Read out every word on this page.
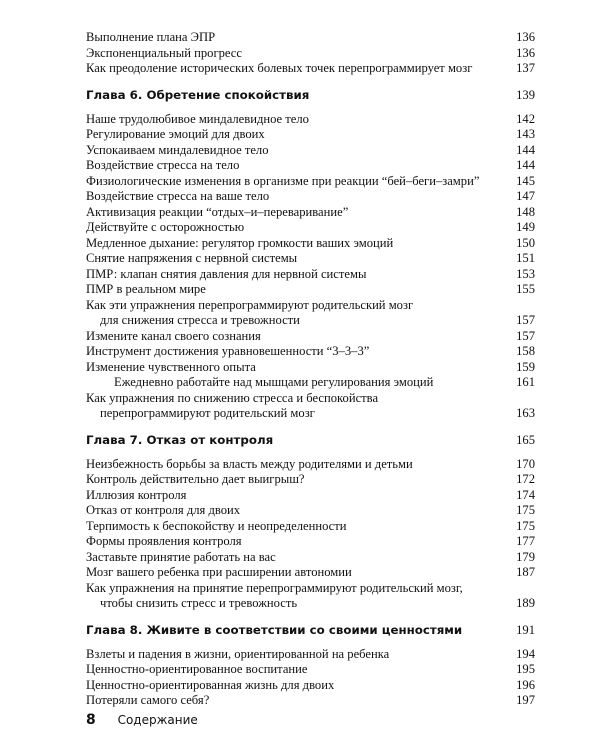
Выполнение плана ЭПР	136
Экспоненциальный прогресс	136
Как преодоление исторических болевых точек перепрограммирует мозг	137
Глава 6. Обретение спокойствия	139
Наше трудолюбивое миндалевидное тело	142
Регулирование эмоций для двоих	143
Успокаиваем миндалевидное тело	144
Воздействие стресса на тело	144
Физиологические изменения в организме при реакции “бей–беги–замри”	145
Воздействие стресса на ваше тело	147
Активизация реакции “отдых–и–переваривание”	148
Действуйте с осторожностью	149
Медленное дыхание: регулятор громкости ваших эмоций	150
Снятие напряжения с нервной системы	151
ПМР: клапан снятия давления для нервной системы	153
ПМР в реальном мире	155
Как эти упражнения перепрограммируют родительский мозг
для снижения стресса и тревожности	157
Измените канал своего сознания	157
Инструмент достижения уравновешенности “3–3–3”	158
Изменение чувственного опыта	159
Ежедневно работайте над мышцами регулирования эмоций	161
Как упражнения по снижению стресса и беспокойства
перепрограммируют родительский мозг	163
Глава 7. Отказ от контроля	165
Неизбежность борьбы за власть между родителями и детьми	170
Контроль действительно дает выигрыш?	172
Иллюзия контроля	174
Отказ от контроля для двоих	175
Терпимость к беспокойству и неопределенности	175
Формы проявления контроля	177
Заставьте принятие работать на вас	179
Мозг вашего ребенка при расширении автономии	187
Как упражнения на принятие перепрограммируют родительский мозг,
чтобы снизить стресс и тревожность	189
Глава 8. Живите в соответствии со своими ценностями	191
Взлеты и падения в жизни, ориентированной на ребенка	194
Ценностно-ориентированное воспитание	195
Ценностно-ориентированная жизнь для двоих	196
Потеряли самого себя?	197
8 Содержание
